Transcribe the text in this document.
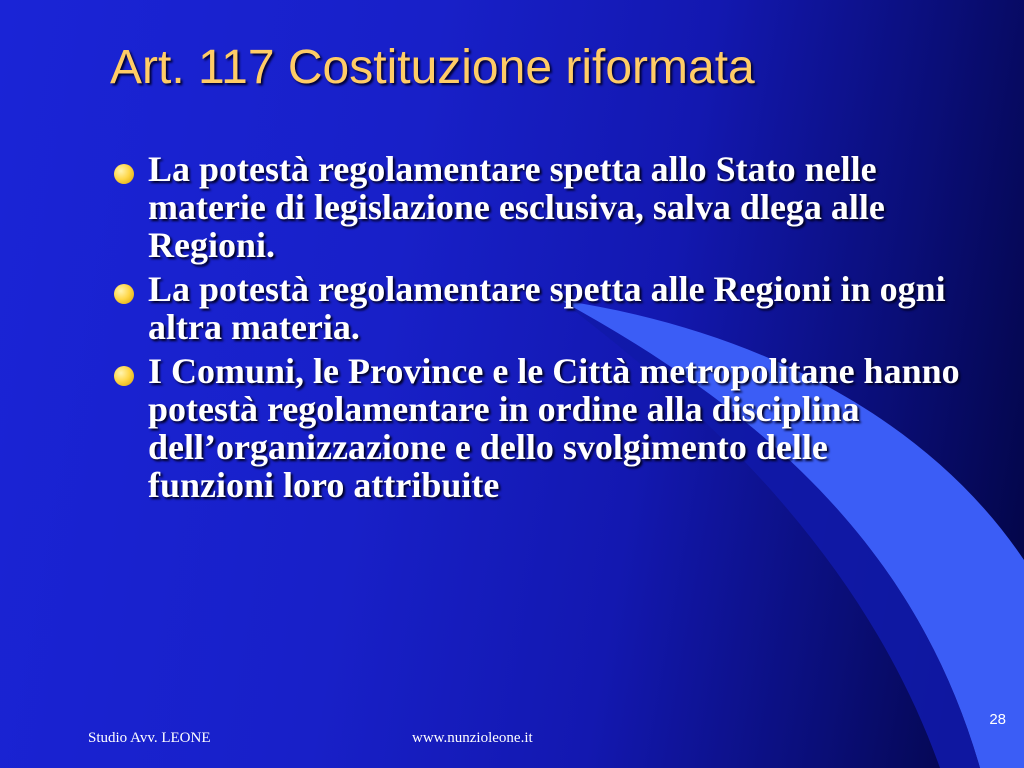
Art. 117 Costituzione riformata
La potestà regolamentare spetta allo Stato nelle materie di legislazione esclusiva, salva dlega alle Regioni.
La potestà regolamentare spetta alle Regioni in ogni altra materia.
I Comuni, le Province e le Città metropolitane hanno potestà regolamentare in ordine alla disciplina dell’organizzazione e dello svolgimento delle funzioni loro attribuite
Studio Avv. LEONE	www.nunzioleone.it
28
